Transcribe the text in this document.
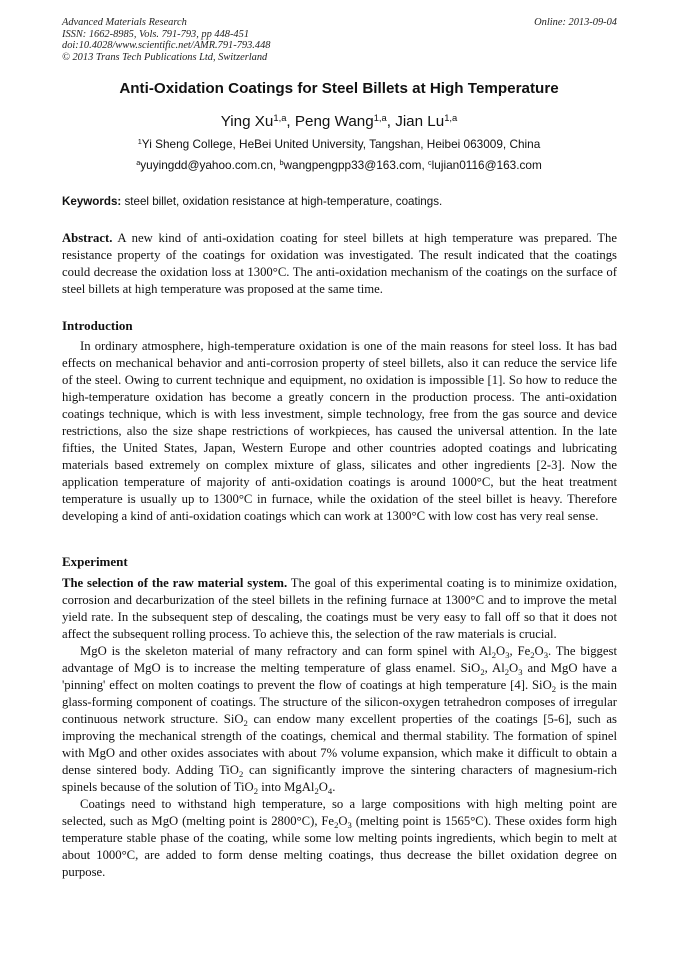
Advanced Materials Research
ISSN: 1662-8985, Vols. 791-793, pp 448-451
doi:10.4028/www.scientific.net/AMR.791-793.448
© 2013 Trans Tech Publications Ltd, Switzerland
Online: 2013-09-04
Anti-Oxidation Coatings for Steel Billets at High Temperature
Ying Xu$^{1,a}$, Peng Wang$^{1,a}$, Jian Lu$^{1,a}$
$^1$Yi Sheng College, HeBei United University, Tangshan, Heibei 063009, China
$^a$yuyingdd@yahoo.com.cn, $^b$wangpengpp33@163.com, $^c$lujian0116@163.com
Keywords: steel billet, oxidation resistance at high-temperature, coatings.

Abstract. A new kind of anti-oxidation coating for steel billets at high temperature was prepared. The resistance property of the coatings for oxidation was investigated. The result indicated that the coatings could decrease the oxidation loss at 1300°C. The anti-oxidation mechanism of the coatings on the surface of steel billets at high temperature was proposed at the same time.

Introduction

In ordinary atmosphere, high-temperature oxidation is one of the main reasons for steel loss. It has bad effects on mechanical behavior and anti-corrosion property of steel billets, also it can reduce the service life of the steel. Owing to current technique and equipment, no oxidation is impossible [1]. So how to reduce the high-temperature oxidation has become a greatly concern in the production process. The anti-oxidation coatings technique, which is with less investment, simple technology, free from the gas source and device restrictions, also the size shape restrictions of workpieces, has caused the universal attention. In the late fifties, the United States, Japan, Western Europe and other countries adopted coatings and lubricating materials based extremely on complex mixture of glass, silicates and other ingredients [2-3]. Now the application temperature of majority of anti-oxidation coatings is around 1000°C, but the heat treatment temperature is usually up to 1300°C in furnace, while the oxidation of the steel billet is heavy. Therefore developing a kind of anti-oxidation coatings which can work at 1300°C with low cost has very real sense.

Experiment

The selection of the raw material system. The goal of this experimental coating is to minimize oxidation, corrosion and decarburization of the steel billets in the refining furnace at 1300°C and to improve the metal yield rate. In the subsequent step of descaling, the coatings must be very easy to fall off so that it does not affect the subsequent rolling process. To achieve this, the selection of the raw materials is crucial.

MgO is the skeleton material of many refractory and can form spinel with $Al_2O_3$, $Fe_2O_3$. The biggest advantage of MgO is to increase the melting temperature of glass enamel. SiO$_2$, $Al_2O_3$ and MgO have a 'pinning' effect on molten coatings to prevent the flow of coatings at high temperature [4]. SiO$_2$ is the main glass-forming component of coatings. The structure of the silicon-oxygen tetrahedron composes of irregular continuous network structure. SiO$_2$ can endow many excellent properties of the coatings [5-6], such as improving the mechanical strength of the coatings, chemical and thermal stability. The formation of spinel with MgO and other oxides associates with about 7% volume expansion, which make it difficult to obtain a dense sintered body. Adding TiO$_2$ can significantly improve the sintering characters of magnesium-rich spinels because of the solution of TiO$_2$ into $MgAl_2O_4$.

Coatings need to withstand high temperature, so a large compositions with high melting point are selected, such as MgO (melting point is 2800°C), $Fe_2O_3$ (melting point is 1565°C). These oxides form high temperature stable phase of the coating, while some low melting points ingredients, which begin to melt at about 1000°C, are added to form dense melting coatings, thus decrease the billet oxidation degree on purpose.
